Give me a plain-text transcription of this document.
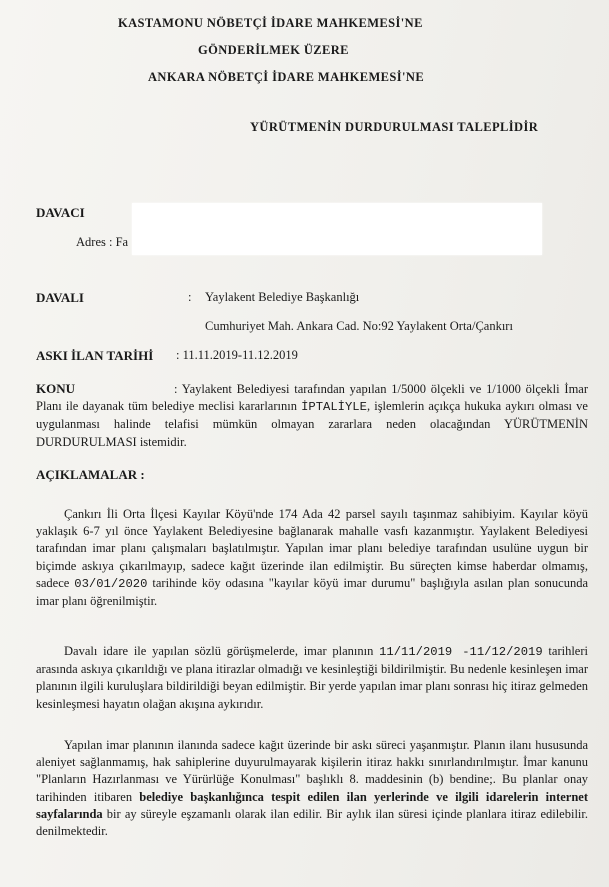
KASTAMONU NÖBETÇİ İDARE MAHKEMESİ'NE
GÖNDERİLMEK ÜZERE
ANKARA NÖBETÇİ İDARE MAHKEMESİ'NE
YÜRÜTMENİN DURDURULMASI TALEPLİDİR
DAVACI
Adres : Fa
DAVALI	: Yaylakent Belediye Başkanlığı
Cumhuriyet Mah. Ankara Cad. No:92 Yaylakent Orta/Çankırı
ASKI İLAN TARİHİ : 11.11.2019-11.12.2019
KONU	: Yaylakent Belediyesi tarafından yapılan 1/5000 ölçekli ve 1/1000 ölçekli İmar Planı ile dayanak tüm belediye meclisi kararlarının İPTALİYLE, işlemlerin açıkça hukuka aykırı olması ve uygulanması halinde telafisi mümkün olmayan zararlara neden olacağından YÜRÜTMENİN DURDURULMASI istemidir.
AÇIKLAMALAR :
Çankırı İli Orta İlçesi Kayılar Köyü'nde 174 Ada 42 parsel sayılı taşınmaz sahibiyim. Kayılar köyü yaklaşık 6-7 yıl önce Yaylakent Belediyesine bağlanarak mahalle vasfı kazanmıştır. Yaylakent Belediyesi tarafından imar planı çalışmaları başlatılmıştır. Yapılan imar planı belediye tarafından usulüne uygun bir biçimde askıya çıkarılmayıp, sadece kağıt üzerinde ilan edilmiştir. Bu süreçten kimse haberdar olmamış, sadece 03/01/2020 tarihinde köy odasına "kayılar köyü imar durumu" başlığıyla asılan plan sonucunda imar planı öğrenilmiştir.
Davalı idare ile yapılan sözlü görüşmelerde, imar planının 11/11/2019 -11/12/2019 tarihleri arasında askıya çıkarıldığı ve plana itirazlar olmadığı ve kesinleştiği bildirilmiştir. Bu nedenle kesinleşen imar planının ilgili kuruluşlara bildirildiği beyan edilmiştir. Bir yerde yapılan imar planı sonrası hiç itiraz gelmeden kesinleşmesi hayatın olağan akışına aykırıdır.
Yapılan imar planının ilanında sadece kağıt üzerinde bir askı süreci yaşanmıştır. Planın ilanı hususunda aleniyet sağlanmamış, hak sahiplerine duyurulmayarak kişilerin itiraz hakkı sınırlandırılmıştır. İmar kanunu "Planların Hazırlanması ve Yürürlüğe Konulması" başlıklı 8. maddesinin (b) bendine;. Bu planlar onay tarihinden itibaren belediye başkanlığınca tespit edilen ilan yerlerinde ve ilgili idarelerin internet sayfalarında bir ay süreyle eşzamanlı olarak ilan edilir. Bir aylık ilan süresi içinde planlara itiraz edilebilir. denilmektedir.
